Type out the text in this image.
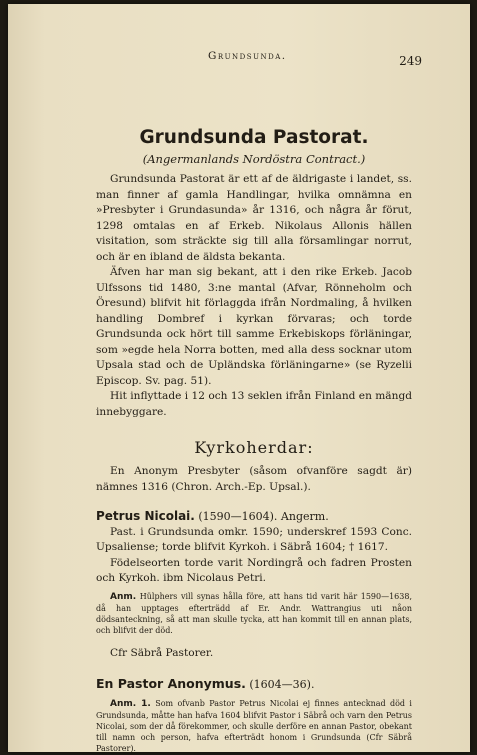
Grundsunda.	249
Grundsunda Pastorat.
(Angermanlands Nordöstra Contract.)

Grundsunda Pastorat är ett af de äldrigaste i landet, ss. man finner af gamla Handlingar, hvilka omnämna en »Presbyter i Grundasunda» år 1316, och några år förut, 1298 omtalas en af Erkeb. Nikolaus Allonis hällen visitation, som sträckte sig till alla församlingar norrut, och är en ibland de äldsta bekanta.

Äfven har man sig bekant, att i den rike Erkeb. Jacob Ulfssons tid 1480, 3:ne mantal (Afvar, Rönneholm och Öresund) blifvit hit förlaggda ifrån Nordmaling, å hvilken handling Dombref i kyrkan förvaras; och torde Grundsunda ock hört till samme Erkebiskops förläningar, som »egde hela Norra botten, med alla dess socknar utom Upsala stad och de Upländska förläningarne» (se Ryzelii Episcop. Sv. pag. 51).

Hit inflyttade i 12 och 13 seklen ifrån Finland en mängd innebyggare.

Kyrkoherdar:

En Anonym Presbyter (såsom ofvanföre sagdt är) nämnes 1316 (Chron. Arch.-Ep. Upsal.).

Petrus Nicolai. (1590—1604). Angerm.

Past. i Grundsunda omkr. 1590; underskref 1593 Conc. Upsaliense; torde blifvit Kyrkoh. i Säbrå 1604; † 1617.

Födelseorten torde varit Nordingrå och fadren Prosten och Kyrkoh. ibm Nicolaus Petri.

Anm. Hülphers vill synas hålla före, att hans tid varit här 1590—1638, då han upptages efterträdd af Er. Andr. Wattrangius uti nåon dödsanteckning, så att man skulle tycka, att han kommit till en annan plats, och blifvit der död.

Cfr Säbrå Pastorer.

En Pastor Anonymus. (1604—36).

Anm. 1. Som ofvanb Pastor Petrus Nicolai ej finnes antecknad död i Grundsunda, måtte han hafva 1604 blifvit Pastor i Säbrå och varn den Petrus Nicolai, som der då förekommer, och skulle derföre en annan Pastor, obekant till namn och person, hafva efterträdt honom i Grundsunda (Cfr Säbrå Pastorer).
